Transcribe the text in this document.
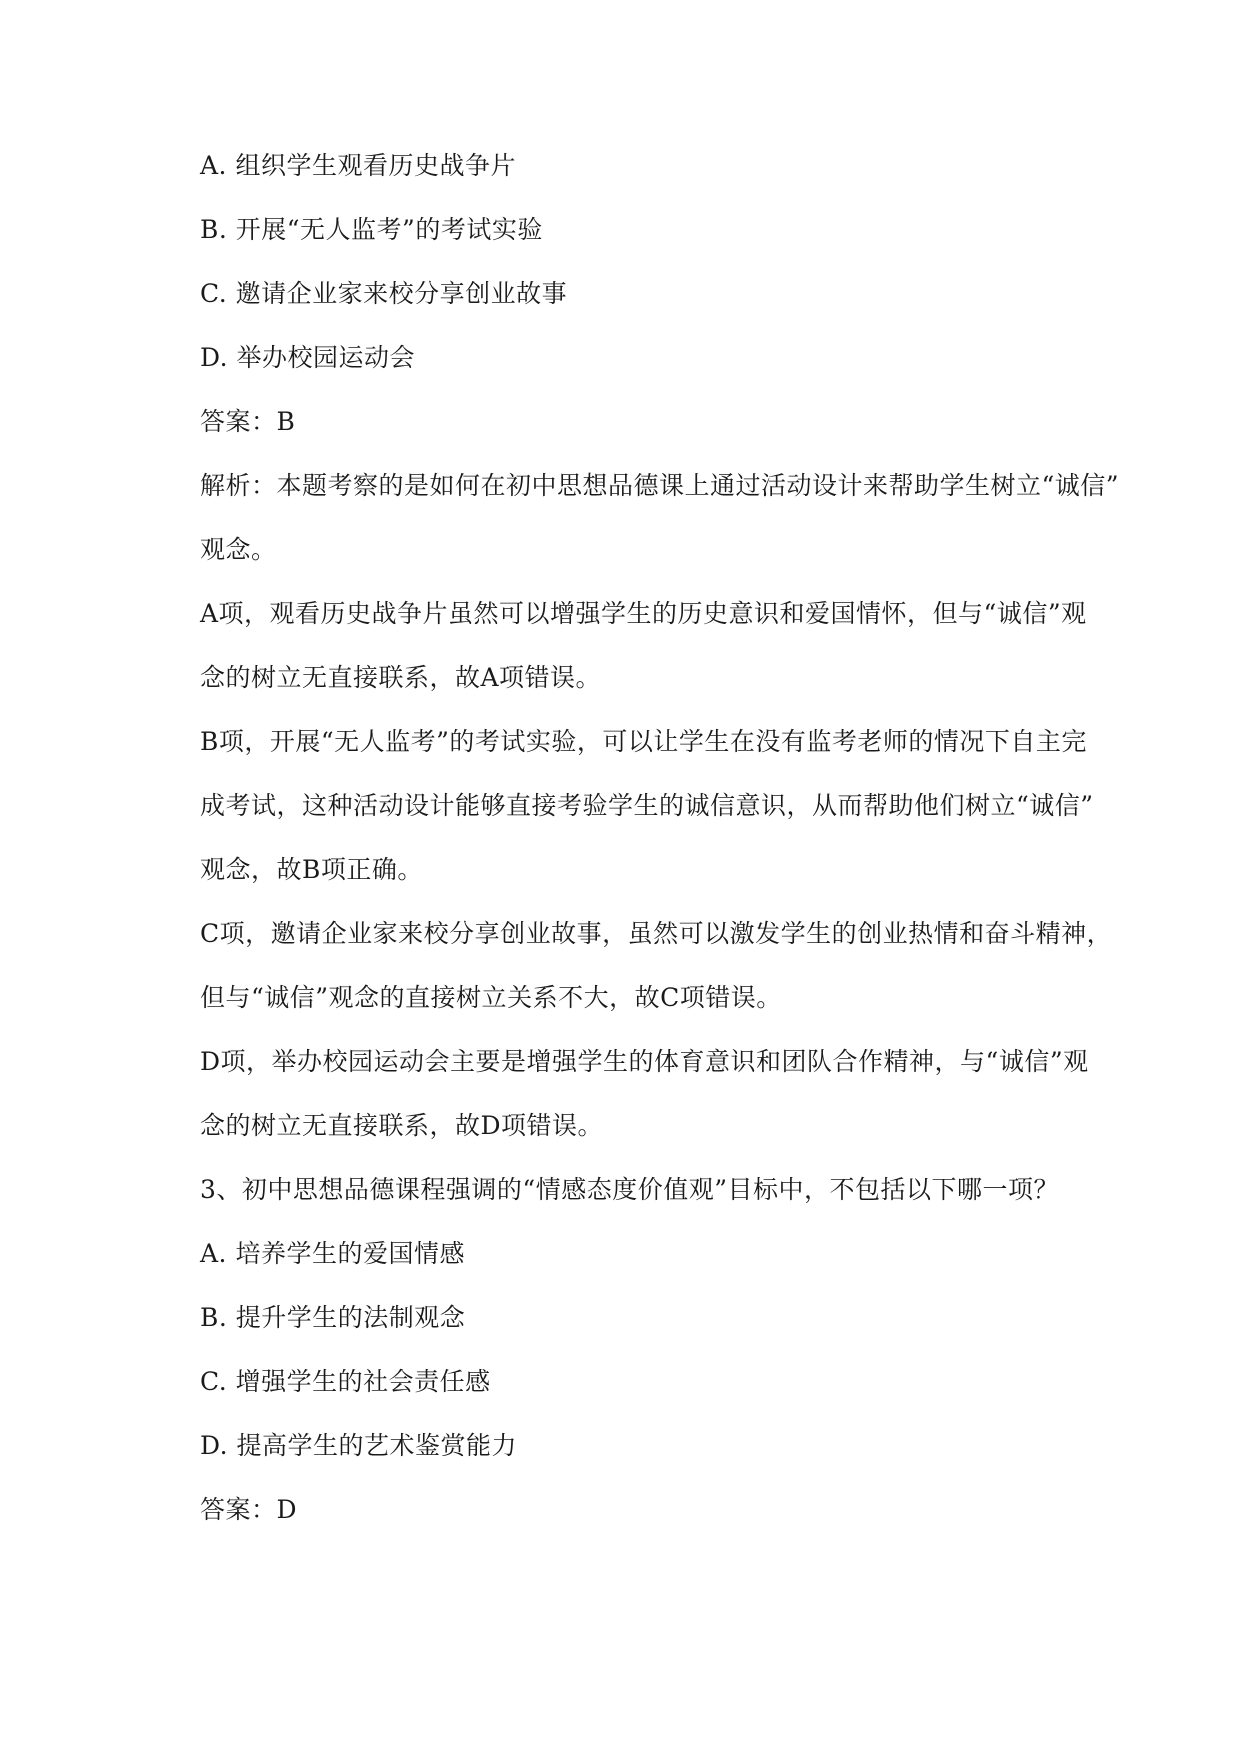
A. 组织学生观看历史战争片
B. 开展“无人监考”的考试实验
C. 邀请企业家来校分享创业故事
D. 举办校园运动会
答案：B
解析：本题考察的是如何在初中思想品德课上通过活动设计来帮助学生树立“诚信”
观念。
A项，观看历史战争片虽然可以增强学生的历史意识和爱国情怀，但与“诚信”观
念的树立无直接联系，故A项错误。
B项，开展“无人监考”的考试实验，可以让学生在没有监考老师的情况下自主完
成考试，这种活动设计能够直接考验学生的诚信意识，从而帮助他们树立“诚信”
观念，故B项正确。
C项，邀请企业家来校分享创业故事，虽然可以激发学生的创业热情和奋斗精神，
但与“诚信”观念的直接树立关系不大，故C项错误。
D项，举办校园运动会主要是增强学生的体育意识和团队合作精神，与“诚信”观
念的树立无直接联系，故D项错误。
3、初中思想品德课程强调的“情感态度价值观”目标中，不包括以下哪一项？
A. 培养学生的爱国情感
B. 提升学生的法制观念
C. 增强学生的社会责任感
D. 提高学生的艺术鉴赏能力
答案：D
